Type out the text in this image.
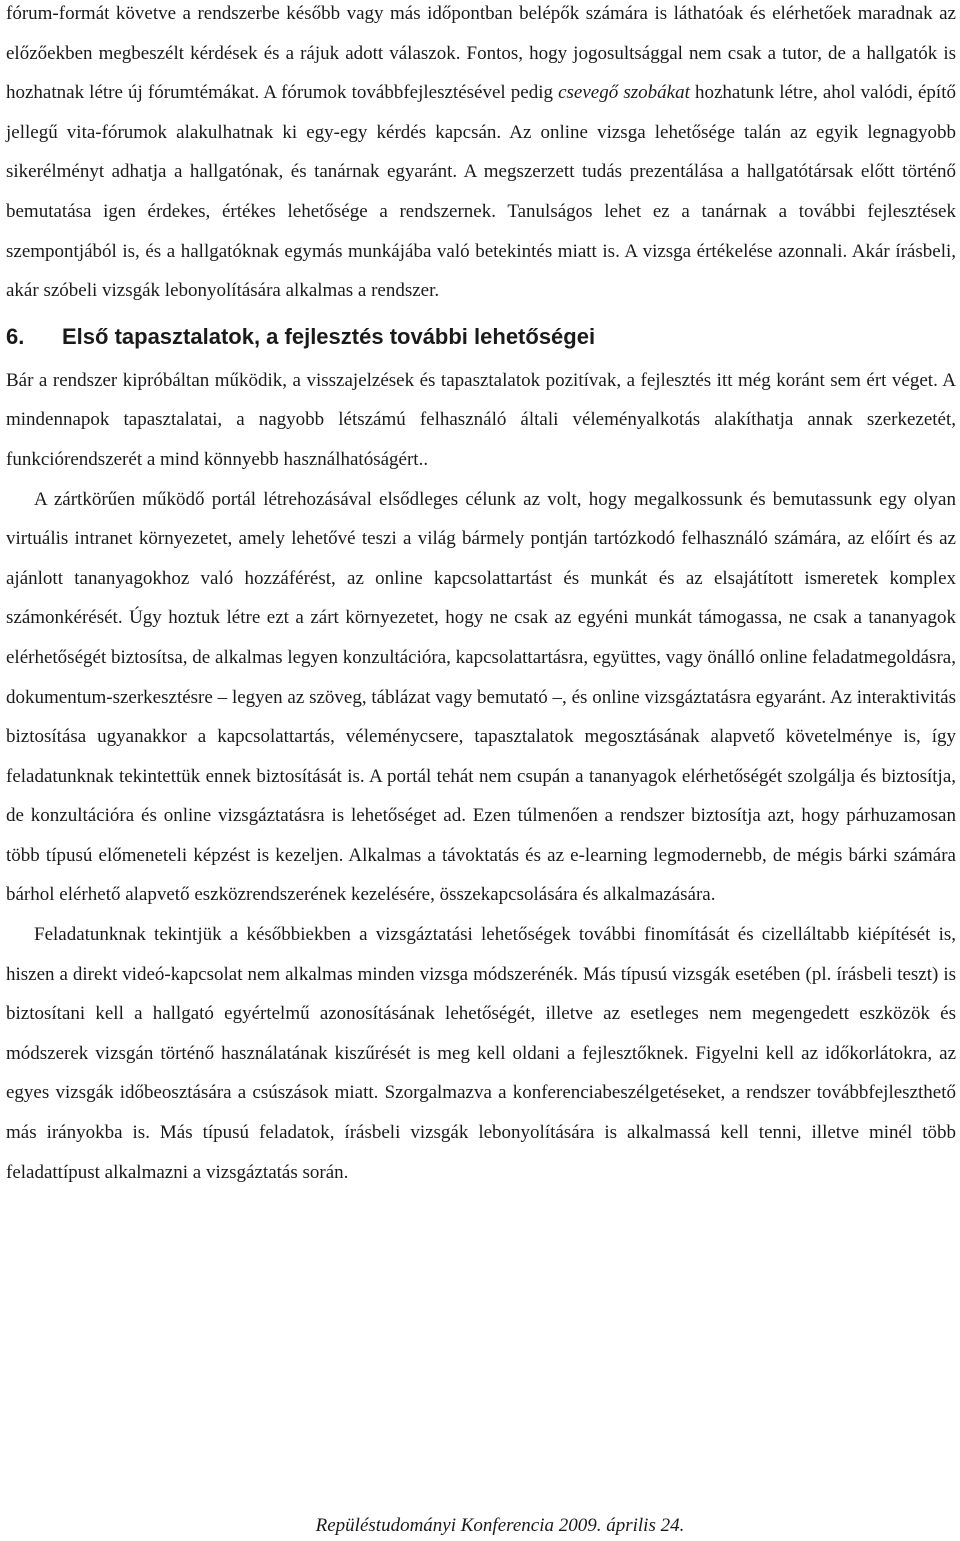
fórum-formát követve a rendszerbe később vagy más időpontban belépők számára is láthatóak és elérhetőek maradnak az előzőekben megbeszélt kérdések és a rájuk adott válaszok. Fontos, hogy jogosultsággal nem csak a tutor, de a hallgatók is hozhatnak létre új fórumtémákat. A fórumok továbbfejlesztésével pedig csevegő szobákat hozhatunk létre, ahol valódi, építő jellegű vita-fórumok alakulhatnak ki egy-egy kérdés kapcsán. Az online vizsga lehetősége talán az egyik legnagyobb sikerélményt adhatja a hallgatónak, és tanárnak egyaránt. A megszerzett tudás prezentálása a hallgatótársak előtt történő bemutatása igen érdekes, értékes lehetősége a rendszernek. Tanulságos lehet ez a tanárnak a további fejlesztések szempontjából is, és a hallgatóknak egymás munkájába való betekintés miatt is. A vizsga értékelése azonnali. Akár írásbeli, akár szóbeli vizsgák lebonyolítására alkalmas a rendszer.

6.	Első tapasztalatok, a fejlesztés további lehetőségei

Bár a rendszer kipróbáltan működik, a visszajelzések és tapasztalatok pozitívak, a fejlesztés itt még koránt sem ért véget. A mindennapok tapasztalatai, a nagyobb létszámú felhasználó általi véleményalkotás alakíthatja annak szerkezetét, funkciórendszerét a mind könnyebb használhatóságért..

A zártkörűen működő portál létrehozásával elsődleges célunk az volt, hogy megalkossunk és bemutassunk egy olyan virtuális intranet környezetet, amely lehetővé teszi a világ bármely pontján tartózkodó felhasználó számára, az előírt és az ajánlott tananyagokhoz való hozzáférést, az online kapcsolattartást és munkát és az elsajátított ismeretek komplex számonkérését. Úgy hoztuk létre ezt a zárt környezetet, hogy ne csak az egyéni munkát támogassa, ne csak a tananyagok elérhetőségét biztosítsa, de alkalmas legyen konzultációra, kapcsolattartásra, együttes, vagy önálló online feladatmegoldásra, dokumentum-szerkesztésre – legyen az szöveg, táblázat vagy bemutató –, és online vizsgáztatásra egyaránt. Az interaktivitás biztosítása ugyanakkor a kapcsolattartás, véleménycsere, tapasztalatok megosztásának alapvető követelménye is, így feladatunknak tekintettük ennek biztosítását is. A portál tehát nem csupán a tananyagok elérhetőségét szolgálja és biztosítja, de konzultációra és online vizsgáztatásra is lehetőséget ad. Ezen túlmenően a rendszer biztosítja azt, hogy párhuzamosan több típusú előmeneteli képzést is kezeljen. Alkalmas a távoktatás és az e-learning legmodernebb, de mégis bárki számára bárhol elérhető alapvető eszközrendszerének kezelésére, összekapcsolására és alkalmazására.

Feladatunknak tekintjük a későbbiekben a vizsgáztatási lehetőségek további finomítását és cizelláltabb kiépítését is, hiszen a direkt videó-kapcsolat nem alkalmas minden vizsga módszerénék. Más típusú vizsgák esetében (pl. írásbeli teszt) is biztosítani kell a hallgató egyértelmű azonosításának lehetőségét, illetve az esetleges nem megengedett eszközök és módszerek vizsgán történő használatának kiszűrését is meg kell oldani a fejlesztőknek. Figyelni kell az időkorlátokra, az egyes vizsgák időbeosztására a csúszások miatt. Szorgalmazva a konferenciabeszélgetéseket, a rendszer továbbfejleszthető más irányokba is. Más típusú feladatok, írásbeli vizsgák lebonyolítására is alkalmassá kell tenni, illetve minél több feladattípust alkalmazni a vizsgáztatás során.

Repüléstudományi Konferencia 2009. április 24.
